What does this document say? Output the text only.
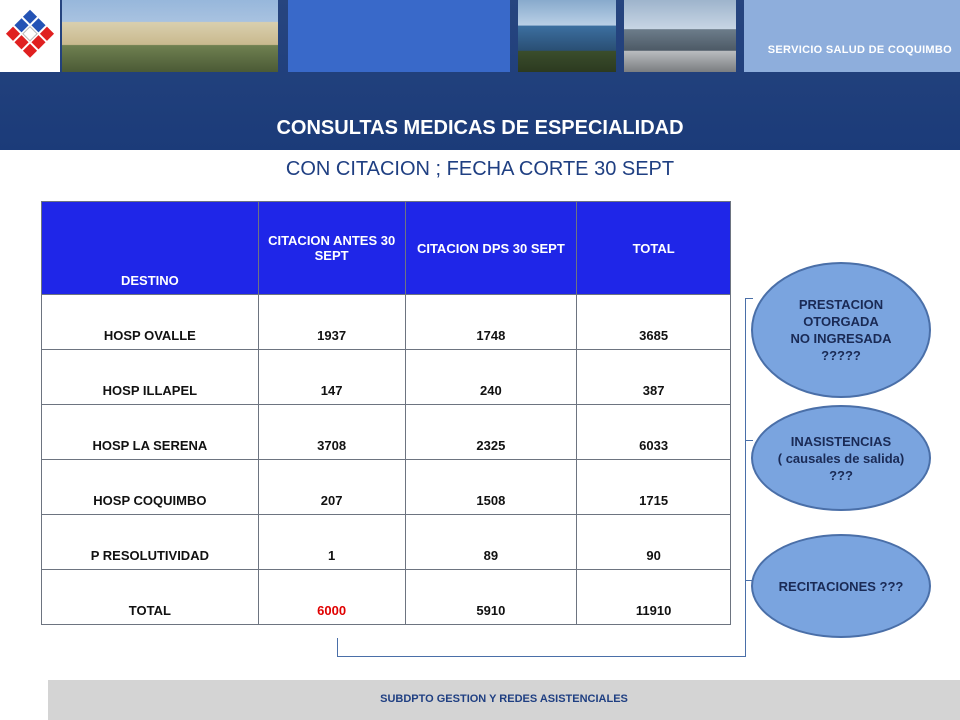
SERVICIO SALUD DE COQUIMBO
CONSULTAS MEDICAS DE ESPECIALIDAD
CON CITACION ; FECHA CORTE 30 SEPT
DESTINO	CITACION ANTES 30 SEPT	CITACION DPS 30 SEPT	TOTAL
HOSP OVALLE	1937	1748	3685
HOSP ILLAPEL	147	240	387
HOSP LA SERENA	3708	2325	6033
HOSP COQUIMBO	207	1508	1715
P RESOLUTIVIDAD	1	89	90
TOTAL	6000	5910	11910
PRESTACION
OTORGADA
NO INGRESADA
?????
INASISTENCIAS
( causales de salida)
???
RECITACIONES ???
SUBDPTO GESTION Y REDES ASISTENCIALES
